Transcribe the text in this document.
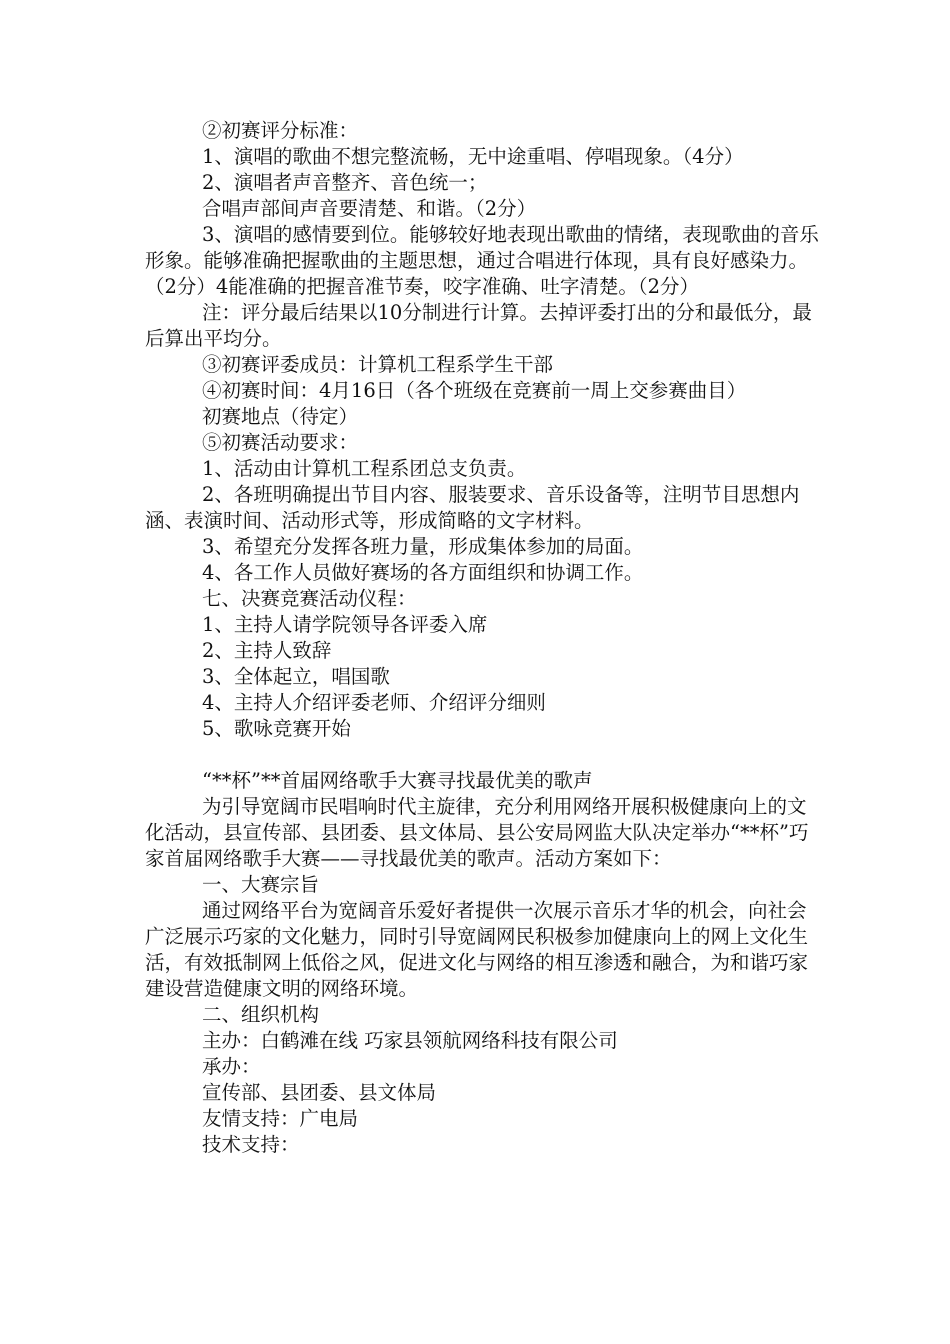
②初赛评分标准：

1、演唱的歌曲不想完整流畅，无中途重唱、停唱现象。（4分）

2、演唱者声音整齐、音色统一；

合唱声部间声音要清楚、和谐。（2分）

3、演唱的感情要到位。能够较好地表现出歌曲的情绪，表现歌曲的音乐形象。能够准确把握歌曲的主题思想，通过合唱进行体现，具有良好感染力。（2分）4能准确的把握音准节奏，咬字准确、吐字清楚。（2分）

注：评分最后结果以10分制进行计算。去掉评委打出的分和最低分，最后算出平均分。

③初赛评委成员：计算机工程系学生干部

④初赛时间：4月16日（各个班级在竞赛前一周上交参赛曲目）

初赛地点（待定）

⑤初赛活动要求：

1、活动由计算机工程系团总支负责。

2、各班明确提出节目内容、服装要求、音乐设备等，注明节目思想内涵、表演时间、活动形式等，形成简略的文字材料。

3、希望充分发挥各班力量，形成集体参加的局面。

4、各工作人员做好赛场的各方面组织和协调工作。

七、决赛竞赛活动仪程：

1、主持人请学院领导各评委入席

2、主持人致辞

3、全体起立，唱国歌

4、主持人介绍评委老师、介绍评分细则

5、歌咏竞赛开始

“**杯”**首届网络歌手大赛寻找最优美的歌声

为引导宽阔市民唱响时代主旋律，充分利用网络开展积极健康向上的文化活动，县宣传部、县团委、县文体局、县公安局网监大队决定举办“**杯”巧家首届网络歌手大赛——寻找最优美的歌声。活动方案如下：

一、大赛宗旨

通过网络平台为宽阔音乐爱好者提供一次展示音乐才华的机会，向社会广泛展示巧家的文化魅力，同时引导宽阔网民积极参加健康向上的网上文化生活，有效抵制网上低俗之风，促进文化与网络的相互渗透和融合，为和谐巧家建设营造健康文明的网络环境。

二、组织机构

主办：白鹤滩在线 巧家县领航网络科技有限公司

承办：

宣传部、县团委、县文体局

友情支持：广电局

技术支持：
